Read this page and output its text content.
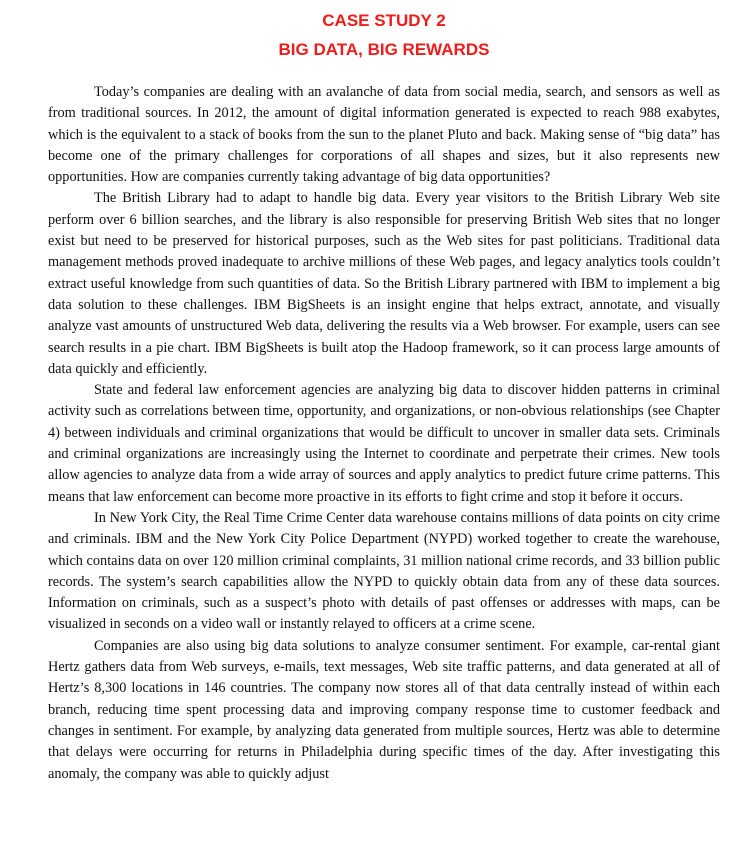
CASE STUDY 2
BIG DATA, BIG REWARDS

Today’s companies are dealing with an avalanche of data from social media, search, and sensors as well as from traditional sources. In 2012, the amount of digital information generated is expected to reach 988 exabytes, which is the equivalent to a stack of books from the sun to the planet Pluto and back. Making sense of “big data” has become one of the primary challenges for corporations of all shapes and sizes, but it also represents new opportunities. How are companies currently taking advantage of big data opportunities?

The British Library had to adapt to handle big data. Every year visitors to the British Library Web site perform over 6 billion searches, and the library is also responsible for preserving British Web sites that no longer exist but need to be preserved for historical purposes, such as the Web sites for past politicians. Traditional data management methods proved inadequate to archive millions of these Web pages, and legacy analytics tools couldn’t extract useful knowledge from such quantities of data. So the British Library partnered with IBM to implement a big data solution to these challenges. IBM BigSheets is an insight engine that helps extract, annotate, and visually analyze vast amounts of unstructured Web data, delivering the results via a Web browser. For example, users can see search results in a pie chart. IBM BigSheets is built atop the Hadoop framework, so it can process large amounts of data quickly and efficiently.

State and federal law enforcement agencies are analyzing big data to discover hidden patterns in criminal activity such as correlations between time, opportunity, and organizations, or non-obvious relationships (see Chapter 4) between individuals and criminal organizations that would be difficult to uncover in smaller data sets. Criminals and criminal organizations are increasingly using the Internet to coordinate and perpetrate their crimes. New tools allow agencies to analyze data from a wide array of sources and apply analytics to predict future crime patterns. This means that law enforcement can become more proactive in its efforts to fight crime and stop it before it occurs.

In New York City, the Real Time Crime Center data warehouse contains millions of data points on city crime and criminals. IBM and the New York City Police Department (NYPD) worked together to create the warehouse, which contains data on over 120 million criminal complaints, 31 million national crime records, and 33 billion public records. The system’s search capabilities allow the NYPD to quickly obtain data from any of these data sources. Information on criminals, such as a suspect’s photo with details of past offenses or addresses with maps, can be visualized in seconds on a video wall or instantly relayed to officers at a crime scene.

Companies are also using big data solutions to analyze consumer sentiment. For example, car-rental giant Hertz gathers data from Web surveys, e-mails, text messages, Web site traffic patterns, and data generated at all of Hertz’s 8,300 locations in 146 countries. The company now stores all of that data centrally instead of within each branch, reducing time spent processing data and improving company response time to customer feedback and changes in sentiment. For example, by analyzing data generated from multiple sources, Hertz was able to determine that delays were occurring for returns in Philadelphia during specific times of the day. After investigating this anomaly, the company was able to quickly adjust
